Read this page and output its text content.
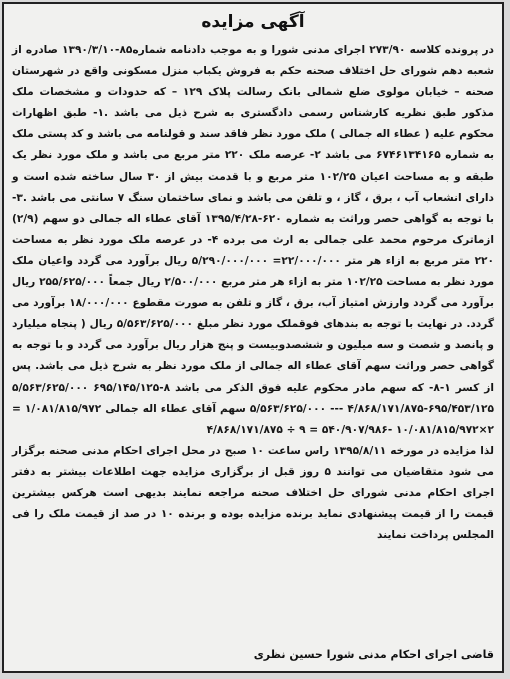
آگهی مزایده

در پرونده کلاسه ۲۷۳/۹۰ اجرای مدنی شورا و به موجب دادنامه شماره۸۵-۱۳۹۰/۳/۱۰ صادره از شعبه دهم شورای حل اختلاف صحنه حکم به فروش یکباب منزل مسکونی واقع در شهرستان صحنه – خیابان مولوی ضلع شمالی بانک رسالت پلاک ۱۲۹ – که حدودات و مشخصات ملک مذکور طبق نظریه کارشناس رسمی دادگستری به شرح ذیل می باشد .۱- طبق اظهارات محکوم علیه ( عطاء اله جمالی ) ملک مورد نظر فاقد سند و قولنامه می باشد و کد پستی ملک به شماره ۶۷۴۶۱۳۴۱۶۵ می باشد ۲- عرصه ملک ۲۲۰ متر مربع می باشد و ملک مورد نظر یک طبقه و به مساحت اعیان ۱۰۲/۲۵ متر مربع و با قدمت بیش از ۳۰ سال ساخته شده است و دارای انشعاب آب ، برق ، گاز ، و تلفن می باشد و نمای ساختمان سنگ ۷ سانتی می باشد .۳- با توجه به گواهی حصر وراثت به شماره ۶۲۰-۱۳۹۵/۴/۲۸ آقای عطاء اله جمالی دو سهم (۲/۹) ازماترک مرحوم محمد علی جمالی به ارث می برده ۴- در عرصه ملک مورد نظر به مساحت ۲۲۰ متر مربع به ازاء هر متر ۲۲/۰۰۰/۰۰۰= ۵/۲۹۰/۰۰۰/۰۰۰ ریال برآورد می گردد واعیان ملک مورد نظر به مساحت ۱۰۲/۲۵ متر به ازاء هر متر مربع ۲/۵۰۰/۰۰۰ ریال جمعاً ۲۵۵/۶۲۵/۰۰۰ ریال برآورد می گردد وارزش امتیاز آب، برق ، گاز و تلفن به صورت مقطوع ۱۸/۰۰۰/۰۰۰ برآورد می گردد. در نهایت با توجه به بندهای فوقملک مورد نظر مبلغ ۵/۵۶۳/۶۲۵/۰۰۰ ریال ( پنجاه میلیارد و پانصد و شصت و سه میلیون و ششصدوبیست و پنج هزار ریال برآورد می گردد و با توجه به گواهی حصر وراثت سهم آقای عطاء اله جمالی از ملک مورد نظر به شرح ذیل می باشد. پس از کسر ۱-۸- که سهم مادر محکوم علیه فوق الذکر می باشد ۸-۶۹۵/۱۴۵/۱۲۵ ۵/۵۶۳/۶۲۵/۰۰۰ ۶۹۵/۴۵۳/۱۲۵-۴/۸۶۸/۱۷۱/۸۷۵ --- ۵/۵۶۳/۶۲۵/۰۰۰ سهم آقای عطاء اله جمالی ۱/۰۸۱/۸۱۵/۹۷۲ = ۲×۱۰/۰۸۱/۸۱۵/۹۷۲ -۵۴۰/۹۰۷/۹۸۶ = ۹ ÷ ۴/۸۶۸/۱۷۱/۸۷۵

لذا مزایده در مورخه ۱۳۹۵/۸/۱۱ راس ساعت ۱۰ صبح در محل اجرای احکام مدنی صحنه برگزار می شود متقاضیان می توانند ۵ روز قبل از برگزاری مزایده جهت اطلاعات بیشتر به دفتر اجرای احکام مدنی شورای حل اختلاف صحنه مراجعه نمایند بدیهی است هرکس بیشترین قیمت را از قیمت پیشنهادی نماید برنده مزایده بوده و برنده ۱۰ در صد از قیمت ملک را فی المجلس پرداخت نمایند

قاضی اجرای احکام مدنی شورا حسین نظری
